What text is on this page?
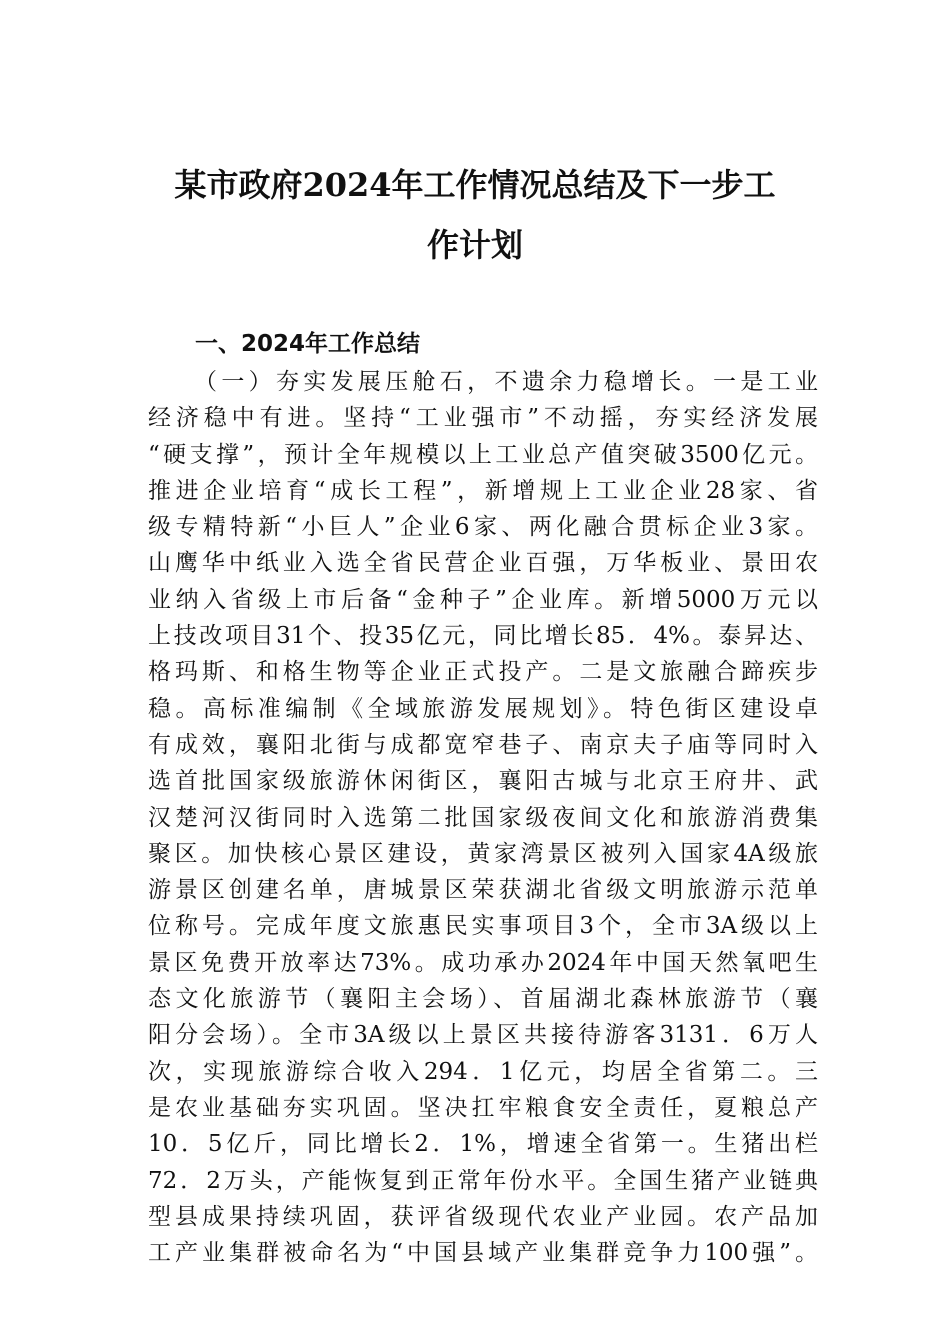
某市政府2024年工作情况总结及下一步工
作计划
一、2024年工作总结
（一）夯实发展压舱石，不遗余力稳增长。一是工业
经济稳中有进。坚持“工业强市”不动摇，夯实经济发展
“硬支撑”，预计全年规模以上工业总产值突破3500亿元。
推进企业培育“成长工程”，新增规上工业企业28家、省
级专精特新“小巨人”企业6家、两化融合贯标企业3家。
山鹰华中纸业入选全省民营企业百强，万华板业、景田农
业纳入省级上市后备“金种子”企业库。新增5000万元以
上技改项目31个、投35亿元，同比增长85．4%。泰昇达、
格玛斯、和格生物等企业正式投产。二是文旅融合蹄疾步
稳。高标准编制《全域旅游发展规划》。特色街区建设卓
有成效，襄阳北街与成都宽窄巷子、南京夫子庙等同时入
选首批国家级旅游休闲街区，襄阳古城与北京王府井、武
汉楚河汉街同时入选第二批国家级夜间文化和旅游消费集
聚区。加快核心景区建设，黄家湾景区被列入国家4A级旅
游景区创建名单，唐城景区荣获湖北省级文明旅游示范单
位称号。完成年度文旅惠民实事项目3个，全市3A级以上
景区免费开放率达73%。成功承办2024年中国天然氧吧生
态文化旅游节（襄阳主会场）、首届湖北森林旅游节（襄
阳分会场）。全市3A级以上景区共接待游客3131．6万人
次，实现旅游综合收入294．1亿元，均居全省第二。三
是农业基础夯实巩固。坚决扛牢粮食安全责任，夏粮总产
10．5亿斤，同比增长2．1%，增速全省第一。生猪出栏
72．2万头，产能恢复到正常年份水平。全国生猪产业链典
型县成果持续巩固，获评省级现代农业产业园。农产品加
工产业集群被命名为“中国县域产业集群竞争力100强”。
